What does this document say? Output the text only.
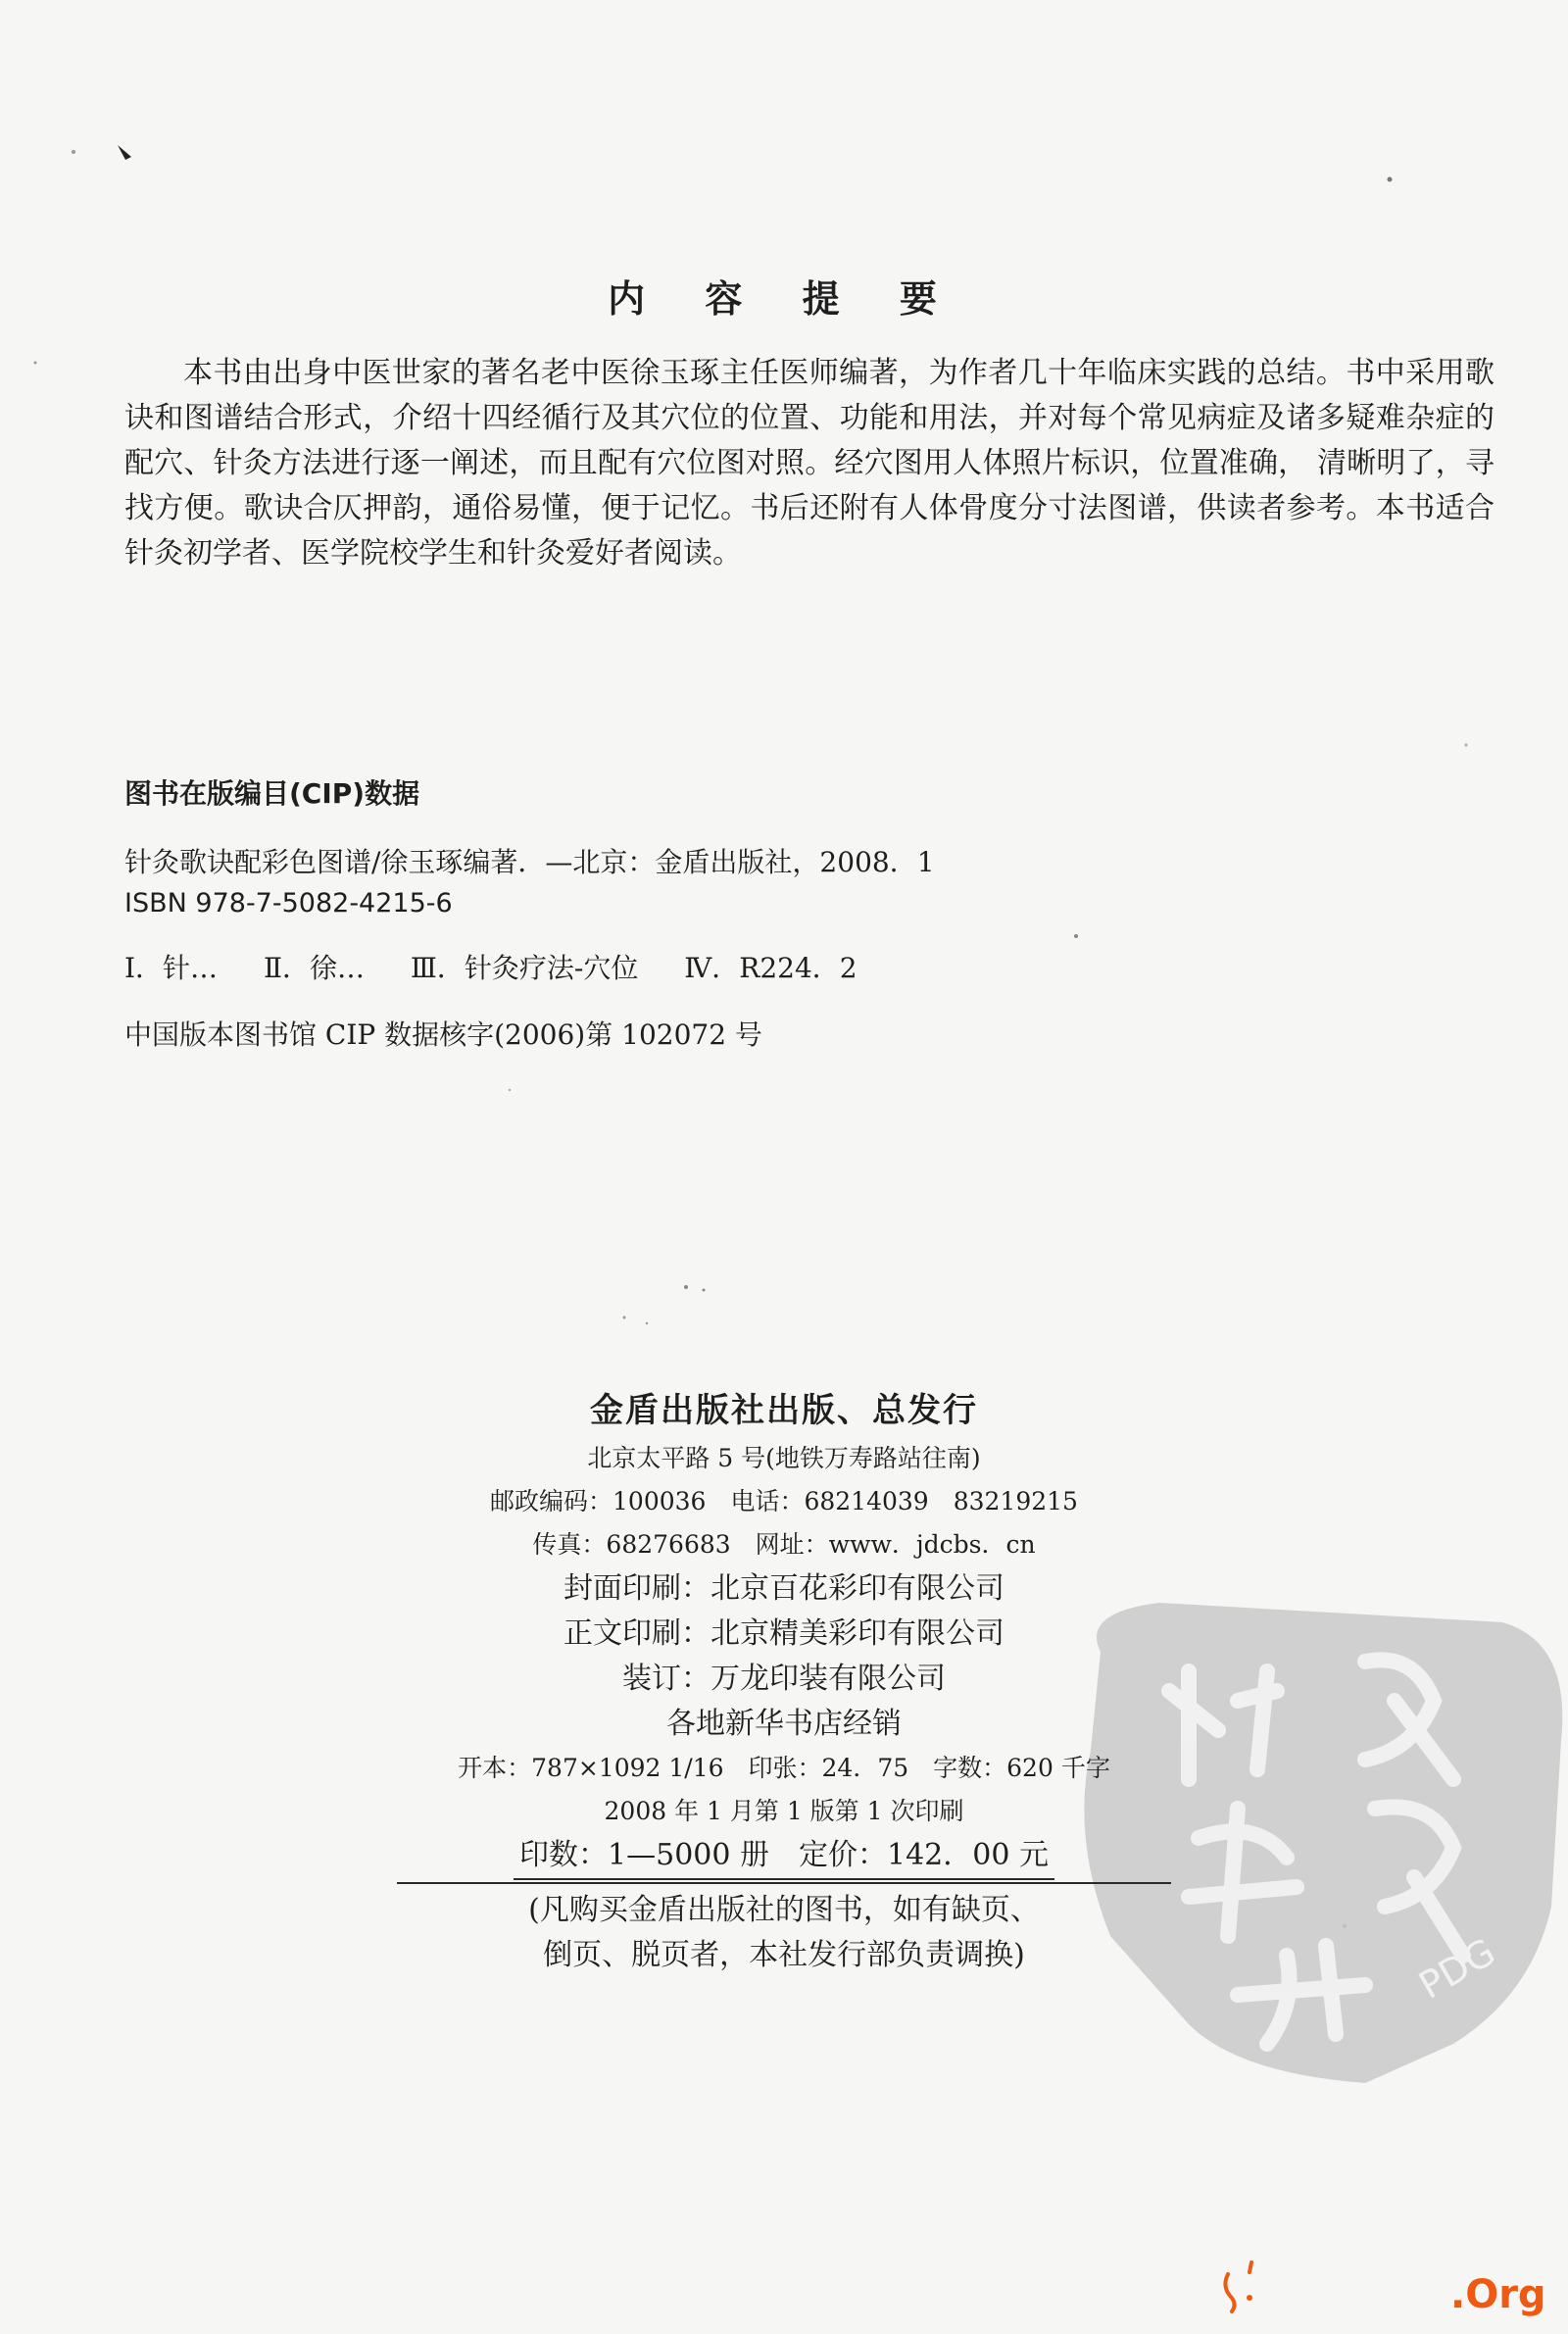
内 容 提 要
本书由出身中医世家的著名老中医徐玉琢主任医师编著，为作者几十年临床实践的总结。书中采用歌诀和图谱结合形式，介绍十四经循行及其穴位的位置、功能和用法，并对每个常见病症及诸多疑难杂症的配穴、针灸方法进行逐一阐述，而且配有穴位图对照。经穴图用人体照片标识，位置准确， 清晰明了，寻找方便。歌诀合仄押韵，通俗易懂，便于记忆。书后还附有人体骨度分寸法图谱，供读者参考。本书适合针灸初学者、医学院校学生和针灸爱好者阅读。
图书在版编目(CIP)数据
针灸歌诀配彩色图谱/徐玉琢编著．—北京：金盾出版社，2008．1
ISBN 978-7-5082-4215-6
Ⅰ．针… Ⅱ．徐… Ⅲ．针灸疗法-穴位 Ⅳ．R224．2
中国版本图书馆 CIP 数据核字(2006)第 102072 号
PDG
金盾出版社出版、总发行
北京太平路 5 号(地铁万寿路站往南)
邮政编码：100036　电话：68214039　83219215
传真：68276683　网址：www．jdcbs．cn
封面印刷：北京百花彩印有限公司
正文印刷：北京精美彩印有限公司
装订：万龙印装有限公司
各地新华书店经销
开本：787×1092 1/16　印张：24．75　字数：620 千字
2008 年 1 月第 1 版第 1 次印刷
印数：1—5000 册　定价：142．00 元
(凡购买金盾出版社的图书，如有缺页、
倒页、脱页者，本社发行部负责调换)
.Org
